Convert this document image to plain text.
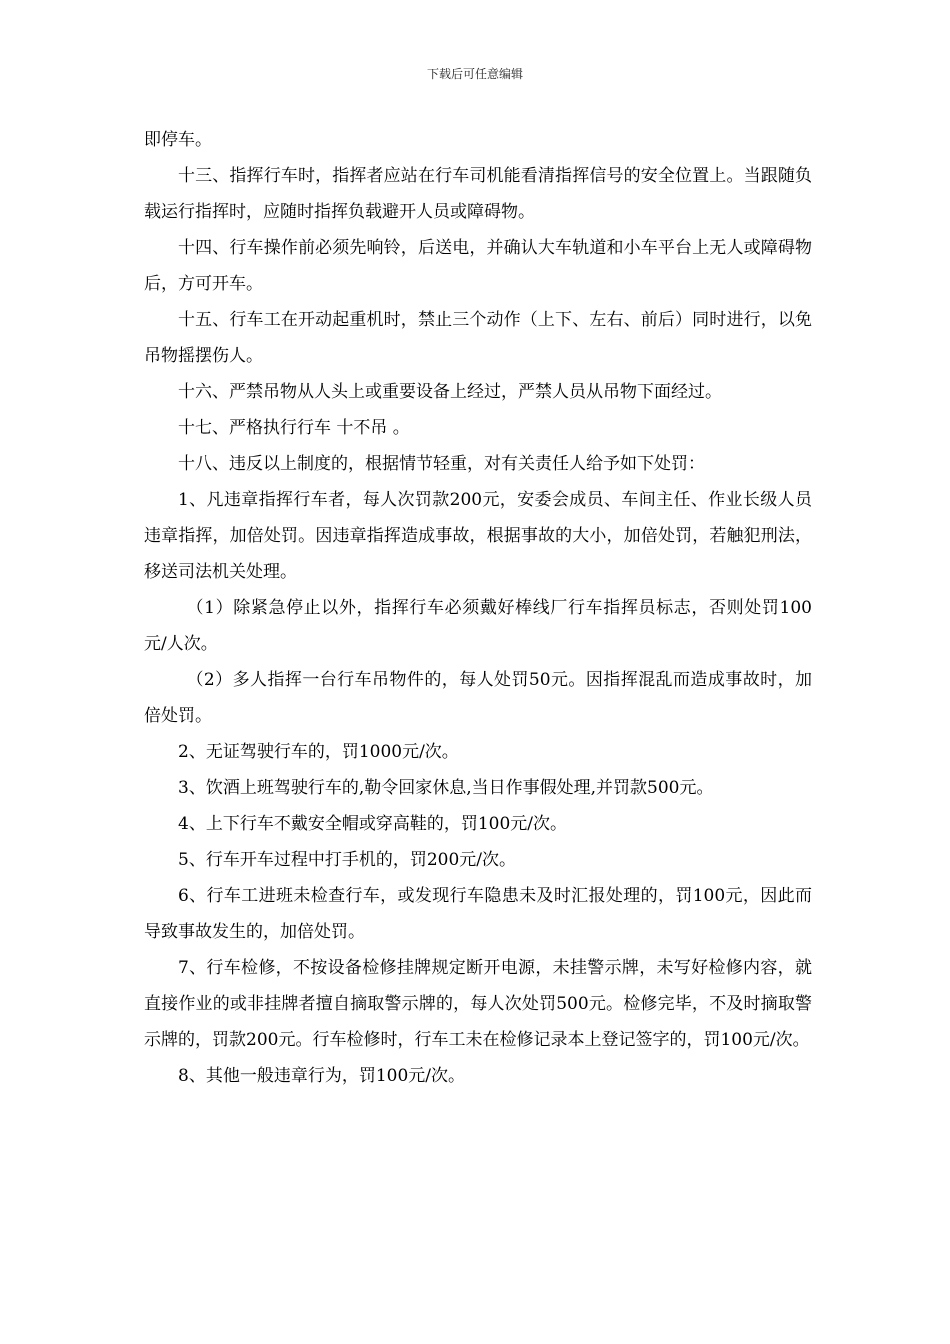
下载后可任意编辑

即停车。

十三、指挥行车时，指挥者应站在行车司机能看清指挥信号的安全位置上。当跟随负载运行指挥时，应随时指挥负载避开人员或障碍物。

十四、行车操作前必须先响铃，后送电，并确认大车轨道和小车平台上无人或障碍物后，方可开车。

十五、行车工在开动起重机时，禁止三个动作（上下、左右、前后）同时进行，以免吊物摇摆伤人。

十六、严禁吊物从人头上或重要设备上经过，严禁人员从吊物下面经过。

十七、严格执行行车 十不吊 。

十八、违反以上制度的，根据情节轻重，对有关责任人给予如下处罚：

1、凡违章指挥行车者，每人次罚款200元，安委会成员、车间主任、作业长级人员违章指挥，加倍处罚。因违章指挥造成事故，根据事故的大小，加倍处罚，若触犯刑法，移送司法机关处理。

（1）除紧急停止以外，指挥行车必须戴好棒线厂行车指挥员标志，否则处罚100元/人次。

（2）多人指挥一台行车吊物件的，每人处罚50元。因指挥混乱而造成事故时，加倍处罚。

2、无证驾驶行车的，罚1000元/次。

3、饮酒上班驾驶行车的,勒令回家休息,当日作事假处理,并罚款500元。

4、上下行车不戴安全帽或穿高鞋的，罚100元/次。

5、行车开车过程中打手机的，罚200元/次。

6、行车工进班未检查行车，或发现行车隐患未及时汇报处理的，罚100元，因此而导致事故发生的，加倍处罚。

7、行车检修，不按设备检修挂牌规定断开电源，未挂警示牌，未写好检修内容，就直接作业的或非挂牌者擅自摘取警示牌的，每人次处罚500元。检修完毕，不及时摘取警示牌的，罚款200元。行车检修时，行车工未在检修记录本上登记签字的，罚100元/次。

8、其他一般违章行为，罚100元/次。
